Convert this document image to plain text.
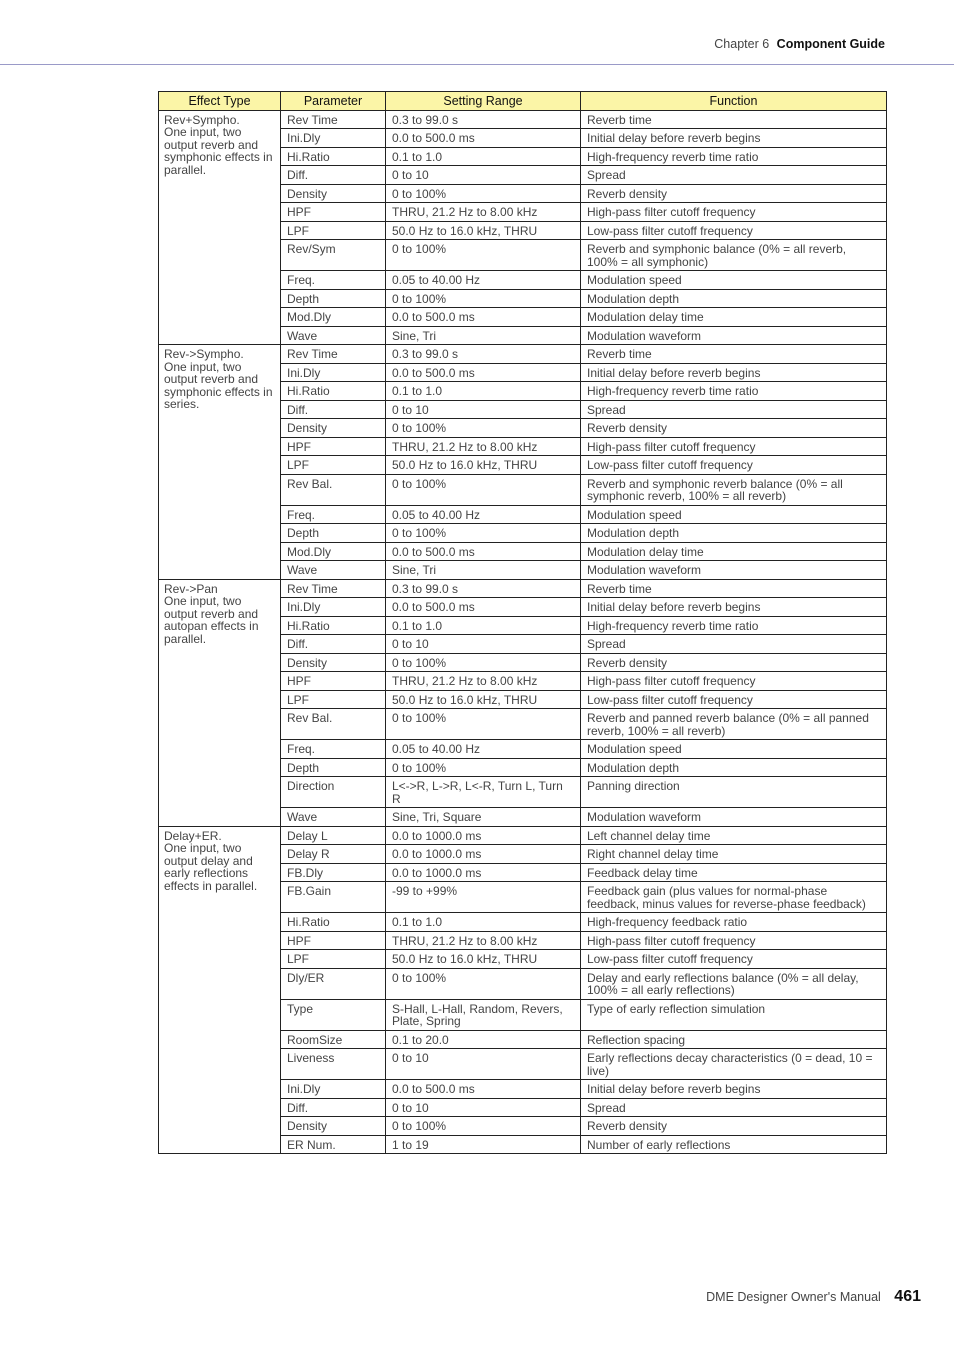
Chapter 6 Component Guide
Effect Type	Parameter	Setting Range	Function

Rev+Sympho.
One input, two output reverb and symphonic effects in parallel.	Rev Time	0.3 to 99.0 s	Reverb time
	Ini.Dly	0.0 to 500.0 ms	Initial delay before reverb begins
	Hi.Ratio	0.1 to 1.0	High-frequency reverb time ratio
	Diff.	0 to 10	Spread
	Density	0 to 100%	Reverb density
	HPF	THRU, 21.2 Hz to 8.00 kHz	High-pass filter cutoff frequency
	LPF	50.0 Hz to 16.0 kHz, THRU	Low-pass filter cutoff frequency
	Rev/Sym	0 to 100%	Reverb and symphonic balance (0% = all reverb, 100% = all symphonic)
	Freq.	0.05 to 40.00 Hz	Modulation speed
	Depth	0 to 100%	Modulation depth
	Mod.Dly	0.0 to 500.0 ms	Modulation delay time
	Wave	Sine, Tri	Modulation waveform

Rev->Sympho.
One input, two output reverb and symphonic effects in series.	Rev Time	0.3 to 99.0 s	Reverb time
	Ini.Dly	0.0 to 500.0 ms	Initial delay before reverb begins
	Hi.Ratio	0.1 to 1.0	High-frequency reverb time ratio
	Diff.	0 to 10	Spread
	Density	0 to 100%	Reverb density
	HPF	THRU, 21.2 Hz to 8.00 kHz	High-pass filter cutoff frequency
	LPF	50.0 Hz to 16.0 kHz, THRU	Low-pass filter cutoff frequency
	Rev Bal.	0 to 100%	Reverb and symphonic reverb balance (0% = all symphonic reverb, 100% = all reverb)
	Freq.	0.05 to 40.00 Hz	Modulation speed
	Depth	0 to 100%	Modulation depth
	Mod.Dly	0.0 to 500.0 ms	Modulation delay time
	Wave	Sine, Tri	Modulation waveform

Rev->Pan
One input, two output reverb and autopan effects in parallel.	Rev Time	0.3 to 99.0 s	Reverb time
	Ini.Dly	0.0 to 500.0 ms	Initial delay before reverb begins
	Hi.Ratio	0.1 to 1.0	High-frequency reverb time ratio
	Diff.	0 to 10	Spread
	Density	0 to 100%	Reverb density
	HPF	THRU, 21.2 Hz to 8.00 kHz	High-pass filter cutoff frequency
	LPF	50.0 Hz to 16.0 kHz, THRU	Low-pass filter cutoff frequency
	Rev Bal.	0 to 100%	Reverb and panned reverb balance (0% = all panned reverb, 100% = all reverb)
	Freq.	0.05 to 40.00 Hz	Modulation speed
	Depth	0 to 100%	Modulation depth
	Direction	L<->R, L->R, L<-R, Turn L, Turn R	Panning direction
	Wave	Sine, Tri, Square	Modulation waveform

Delay+ER.
One input, two output delay and early reflections effects in parallel.	Delay L	0.0 to 1000.0 ms	Left channel delay time
	Delay R	0.0 to 1000.0 ms	Right channel delay time
	FB.Dly	0.0 to 1000.0 ms	Feedback delay time
	FB.Gain	-99 to +99%	Feedback gain (plus values for normal-phase feedback, minus values for reverse-phase feedback)
	Hi.Ratio	0.1 to 1.0	High-frequency feedback ratio
	HPF	THRU, 21.2 Hz to 8.00 kHz	High-pass filter cutoff frequency
	LPF	50.0 Hz to 16.0 kHz, THRU	Low-pass filter cutoff frequency
	Dly/ER	0 to 100%	Delay and early reflections balance (0% = all delay, 100% = all early reflections)
	Type	S-Hall, L-Hall, Random, Revers, Plate, Spring	Type of early reflection simulation
	RoomSize	0.1 to 20.0	Reflection spacing
	Liveness	0 to 10	Early reflections decay characteristics (0 = dead, 10 = live)
	Ini.Dly	0.0 to 500.0 ms	Initial delay before reverb begins
	Diff.	0 to 10	Spread
	Density	0 to 100%	Reverb density
	ER Num.	1 to 19	Number of early reflections
DME Designer Owner's Manual 461
